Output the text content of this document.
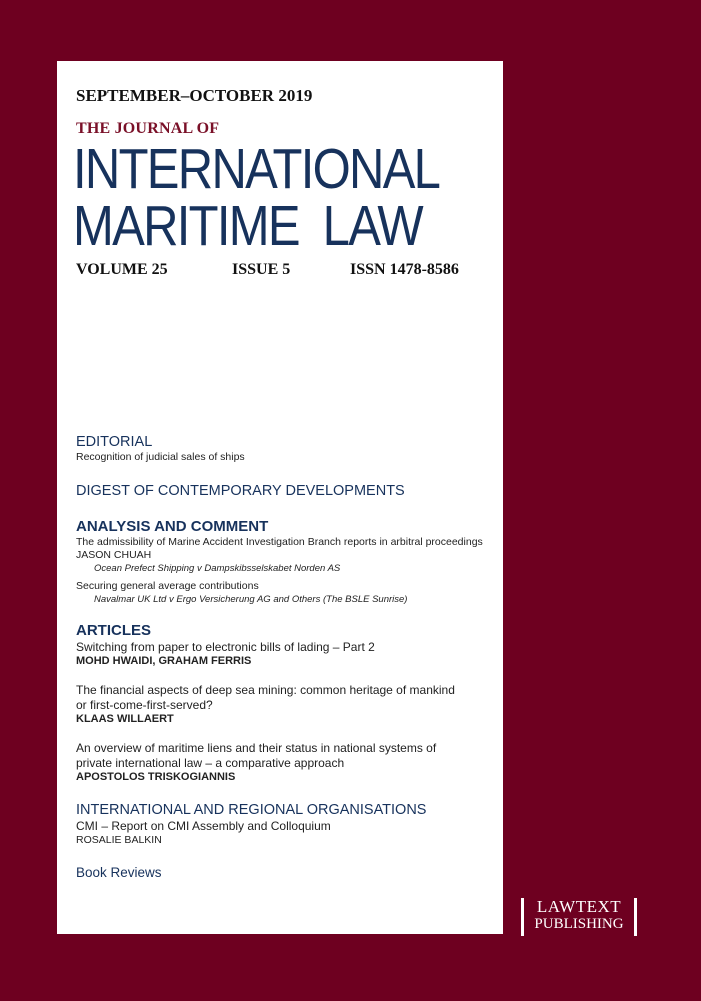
SEPTEMBER–OCTOBER 2019
THE JOURNAL OF
INTERNATIONAL
MARITIME  LAW
VOLUME 25	ISSUE 5	ISSN 1478-8586
EDITORIAL
Recognition of judicial sales of ships
DIGEST OF CONTEMPORARY DEVELOPMENTS
ANALYSIS AND COMMENT
The admissibility of Marine Accident Investigation Branch reports in arbitral proceedings
JASON CHUAH
Ocean Prefect Shipping v Dampskibsselskabet Norden AS
Securing general average contributions
Navalmar UK Ltd v Ergo Versicherung AG and Others (The BSLE Sunrise)
ARTICLES
Switching from paper to electronic bills of lading – Part 2
MOHD HWAIDI, GRAHAM FERRIS
The financial aspects of deep sea mining: common heritage of mankind
or first-come-first-served?
KLAAS WILLAERT
An overview of maritime liens and their status in national systems of
private international law – a comparative approach
APOSTOLOS TRISKOGIANNIS
INTERNATIONAL AND REGIONAL ORGANISATIONS
CMI – Report on CMI Assembly and Colloquium
ROSALIE BALKIN
Book Reviews
LAWTEXT
PUBLISHING
